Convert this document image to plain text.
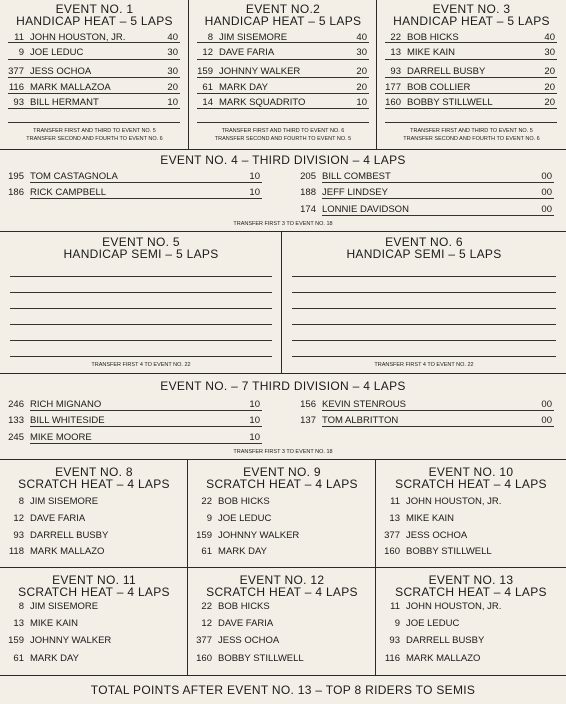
EVENT NO. 1
HANDICAP HEAT – 5 LAPS
11 JOHN HOUSTON, JR.	40
9 JOE LEDUC	30
377 JESS OCHOA	30
116 MARK MALLAZOA	20
93 BILL HERMANT	10
TRANSFER FIRST AND THIRD TO EVENT NO. 5
TRANSFER SECOND AND FOURTH TO EVENT NO. 6
EVENT NO.2
HANDICAP HEAT – 5 LAPS
8 JIM SISEMORE	40
12 DAVE FARIA	30
159 JOHNNY WALKER	20
61 MARK DAY	20
14 MARK SQUADRITO	10
TRANSFER FIRST AND THIRD TO EVENT NO. 6
TRANSFER SECOND AND FOURTH TO EVENT NO. 5
EVENT NO. 3
HANDICAP HEAT – 5 LAPS
22 BOB HICKS	40
13 MIKE KAIN	30
93 DARRELL BUSBY	20
177 BOB COLLIER	20
160 BOBBY STILLWELL	20
TRANSFER FIRST AND THIRD TO EVENT NO. 5
TRANSFER SECOND AND FOURTH TO EVENT NO. 6
EVENT NO. 4 – THIRD DIVISION – 4 LAPS
195 TOM CASTAGNOLA	10
186 RICK CAMPBELL	10
205 BILL COMBEST	00
188 JEFF LINDSEY	00
174 LONNIE DAVIDSON	00
TRANSFER FIRST 3 TO EVENT NO. 18
EVENT NO. 5
HANDICAP SEMI – 5 LAPS
TRANSFER FIRST 4 TO EVENT NO. 22
EVENT NO. 6
HANDICAP SEMI – 5 LAPS
TRANSFER FIRST 4 TO EVENT NO. 22
EVENT NO. – 7 THIRD DIVISION – 4 LAPS
246 RICH MIGNANO	10
133 BILL WHITESIDE	10
245 MIKE MOORE	10
156 KEVIN STENROUS	00
137 TOM ALBRITTON	00
TRANSFER FIRST 3 TO EVENT NO. 18
EVENT NO. 8
SCRATCH HEAT – 4 LAPS
8 JIM SISEMORE
12 DAVE FARIA
93 DARRELL BUSBY
118 MARK MALLAZO
EVENT NO. 9
SCRATCH HEAT – 4 LAPS
22 BOB HICKS
9 JOE LEDUC
159 JOHNNY WALKER
61 MARK DAY
EVENT NO. 10
SCRATCH HEAT – 4 LAPS
11 JOHN HOUSTON, JR.
13 MIKE KAIN
377 JESS OCHOA
160 BOBBY STILLWELL
EVENT NO. 11
SCRATCH HEAT – 4 LAPS
8 JIM SISEMORE
13 MIKE KAIN
159 JOHNNY WALKER
61 MARK DAY
EVENT NO. 12
SCRATCH HEAT – 4 LAPS
22 BOB HICKS
12 DAVE FARIA
377 JESS OCHOA
160 BOBBY STILLWELL
EVENT NO. 13
SCRATCH HEAT – 4 LAPS
11 JOHN HOUSTON, JR.
9 JOE LEDUC
93 DARRELL BUSBY
116 MARK MALLAZO
TOTAL POINTS AFTER EVENT NO. 13 – TOP 8 RIDERS TO SEMIS
